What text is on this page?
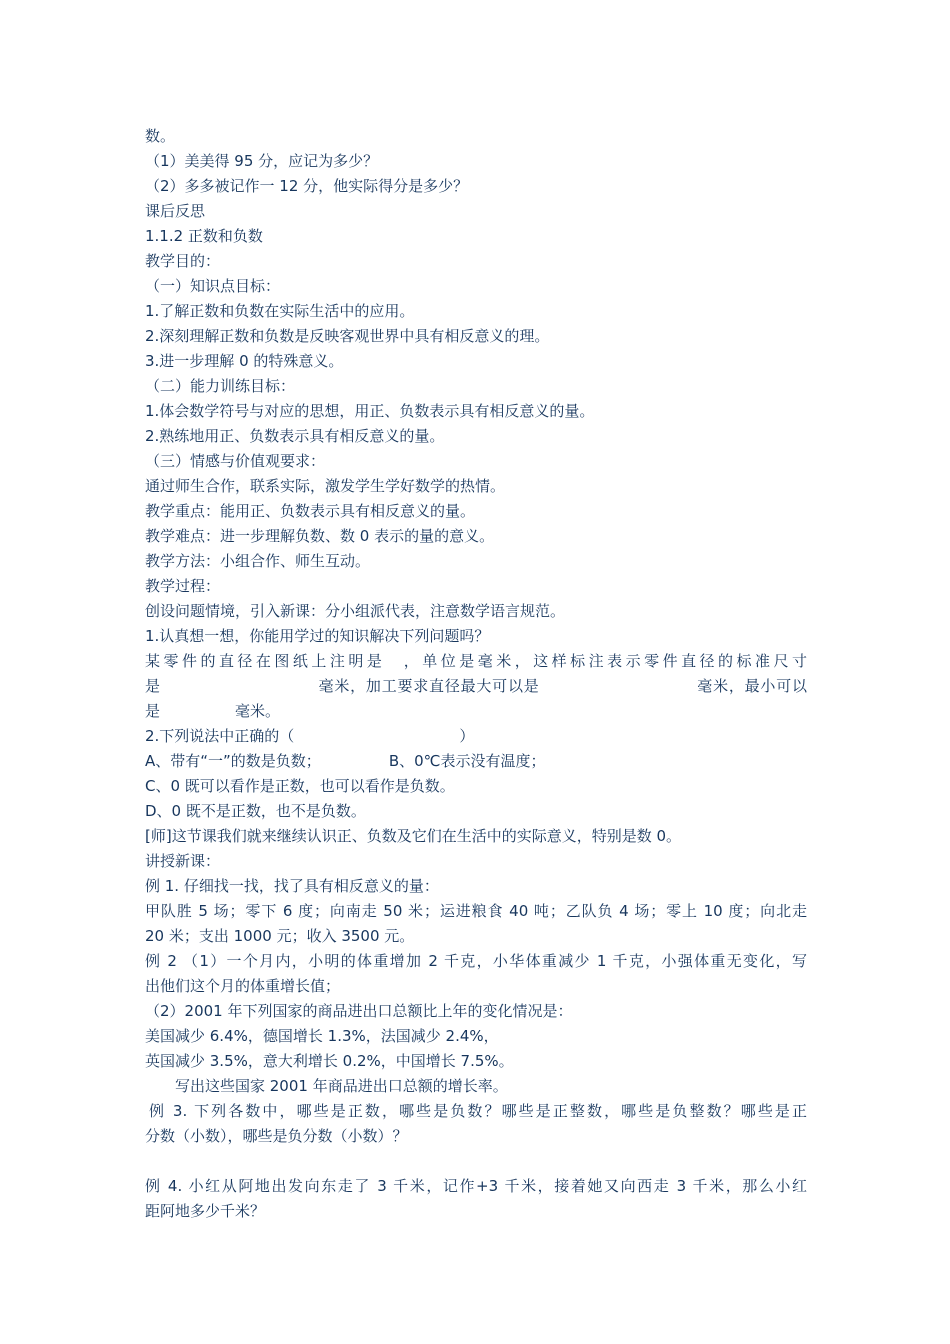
数。
（1）美美得 95 分，应记为多少？
（2）多多被记作一 12 分，他实际得分是多少？
课后反思
1.1.2 正数和负数
教学目的：
（一）知识点目标：
1.了解正数和负数在实际生活中的应用。
2.深刻理解正数和负数是反映客观世界中具有相反意义的理。
3.进一步理解 0 的特殊意义。
（二）能力训练目标：
1.体会数学符号与对应的思想，用正、负数表示具有相反意义的量。
2.熟练地用正、负数表示具有相反意义的量。
（三）情感与价值观要求：
通过师生合作，联系实际，激发学生学好数学的热情。
教学重点：能用正、负数表示具有相反意义的量。
教学难点：进一步理解负数、数 0 表示的量的意义。
教学方法：小组合作、师生互动。
教学过程：
创设问题情境，引入新课：分小组派代表，注意数学语言规范。
1.认真想一想，你能用学过的知识解决下列问题吗？
某零件的直径在图纸上注明是　，单位是毫米，这样标注表示零件直径的标准尺寸
是　　　　　　　　　　毫米，加工要求直径最大可以是　　　　　　　　　　毫米，最小可以
是　　　　　毫米。
2.下列说法中正确的（　　　　　　　　　　　）
A、带有“一”的数是负数；	B、0℃表示没有温度；
C、0 既可以看作是正数，也可以看作是负数。
D、0 既不是正数，也不是负数。
[师]这节课我们就来继续认识正、负数及它们在生活中的实际意义，特别是数 0。
讲授新课：
例 1. 仔细找一找，找了具有相反意义的量：
甲队胜 5 场；零下 6 度；向南走 50 米；运进粮食 40 吨；乙队负 4 场；零上 10 度；向北走
20 米；支出 1000 元；收入 3500 元。
例 2 （1）一个月内，小明的体重增加 2 千克，小华体重减少 1 千克，小强体重无变化，写
出他们这个月的体重增长值；
（2）2001 年下列国家的商品进出口总额比上年的变化情况是：
美国减少 6.4%，德国增长 1.3%，法国减少 2.4%，
英国减少 3.5%，意大利增长 0.2%，中国增长 7.5%。
写出这些国家 2001 年商品进出口总额的增长率。
例 3. 下列各数中，哪些是正数，哪些是负数？哪些是正整数，哪些是负整数？哪些是正
分数（小数），哪些是负分数（小数）？
例 4. 小红从阿地出发向东走了 3 千米，记作+3 千米，接着她又向西走 3 千米，那么小红
距阿地多少千米？
